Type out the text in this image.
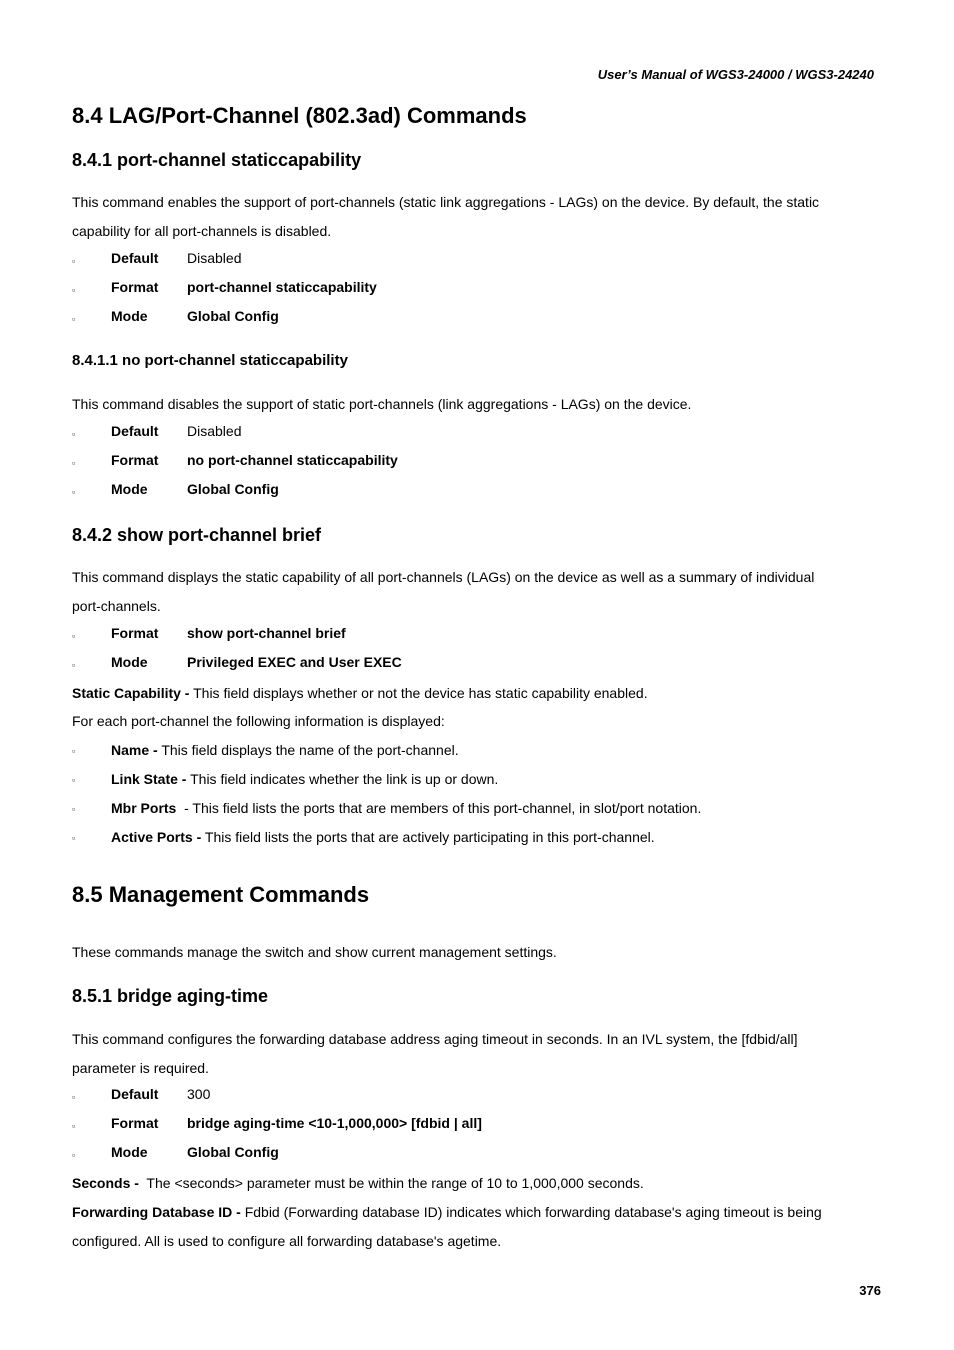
User’s Manual of WGS3-24000 / WGS3-24240
8.4 LAG/Port-Channel (802.3ad) Commands
8.4.1 port-channel staticcapability
This command enables the support of port-channels (static link aggregations - LAGs) on the device. By default, the static
capability for all port-channels is disabled.
▫	Default Disabled
▫	Format port-channel staticcapability
▫	Mode	Global Config
8.4.1.1 no port-channel staticcapability
This command disables the support of static port-channels (link aggregations - LAGs) on the device.
▫	Default Disabled
▫	Format no port-channel staticcapability
▫	Mode	Global Config
8.4.2 show port-channel brief
This command displays the static capability of all port-channels (LAGs) on the device as well as a summary of individual
port-channels.
▫	Format show port-channel brief
▫	Mode	Privileged EXEC and User EXEC
Static Capability - This field displays whether or not the device has static capability enabled.
For each port-channel the following information is displayed:
▫	Name - This field displays the name of the port-channel.
▫	Link State - This field indicates whether the link is up or down.
▫	Mbr Ports  - This field lists the ports that are members of this port-channel, in slot/port notation.
▫	Active Ports - This field lists the ports that are actively participating in this port-channel.
8.5 Management Commands
These commands manage the switch and show current management settings.
8.5.1 bridge aging-time
This command configures the forwarding database address aging timeout in seconds. In an IVL system, the [fdbid/all]
parameter is required.
▫	Default 300
▫	Format bridge aging-time <10-1,000,000> [fdbid | all]
▫	Mode	Global Config
Seconds -  The <seconds> parameter must be within the range of 10 to 1,000,000 seconds.
Forwarding Database ID - Fdbid (Forwarding database ID) indicates which forwarding database's aging timeout is being
configured. All is used to configure all forwarding database's agetime.
376
